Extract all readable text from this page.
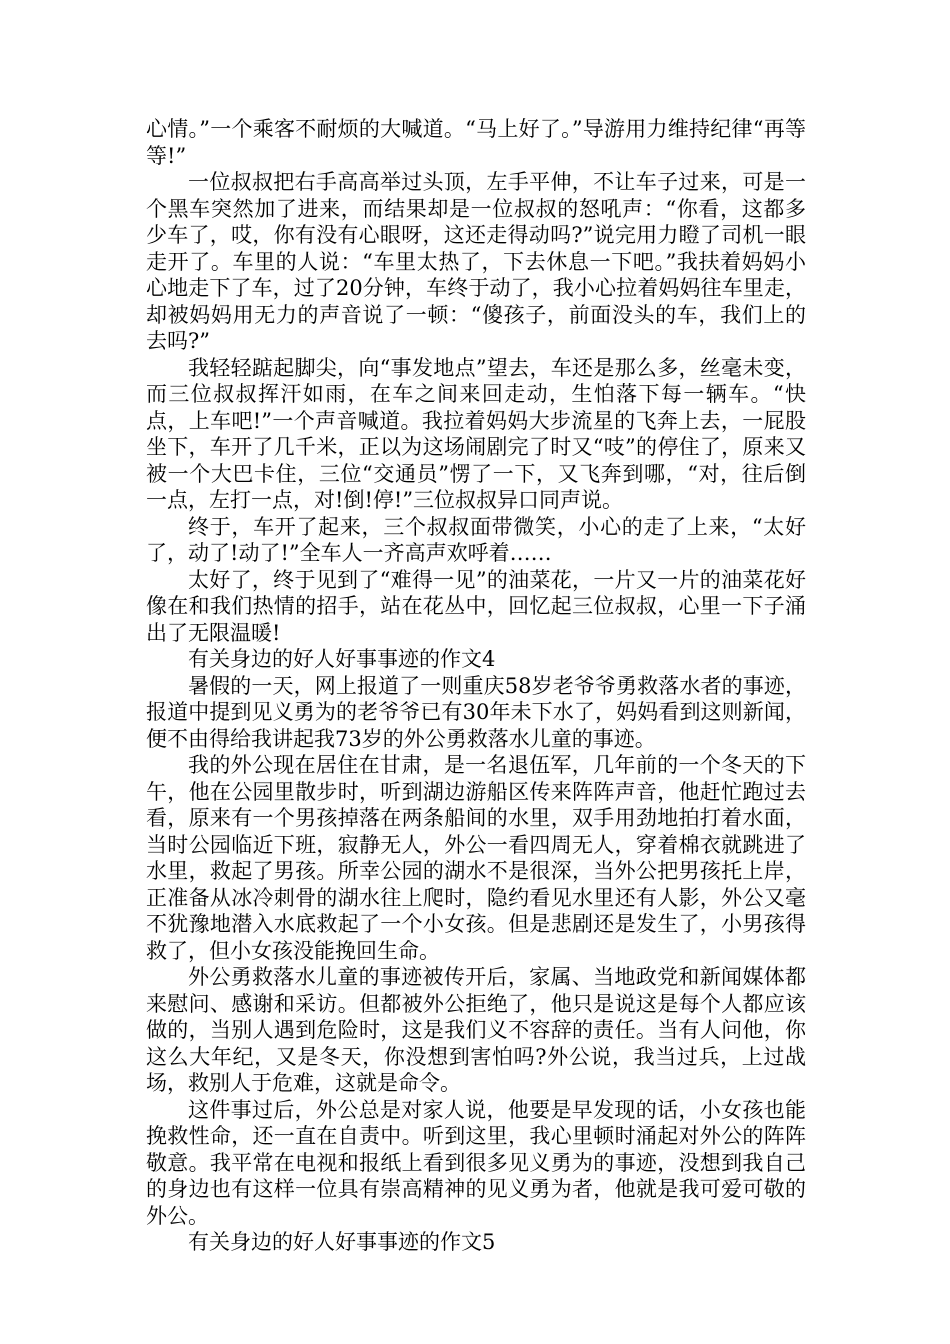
心情。”一个乘客不耐烦的大喊道。“马上好了。”导游用力维持纪律“再等等!”

一位叔叔把右手高高举过头顶，左手平伸，不让车子过来，可是一个黑车突然加了进来，而结果却是一位叔叔的怒吼声：“你看，这都多少车了，哎，你有没有心眼呀，这还走得动吗?”说完用力瞪了司机一眼走开了。车里的人说：“车里太热了，下去休息一下吧。”我扶着妈妈小心地走下了车，过了20分钟，车终于动了，我小心拉着妈妈往车里走，却被妈妈用无力的声音说了一顿：“傻孩子，前面没头的车，我们上的去吗?”

我轻轻踮起脚尖，向“事发地点”望去，车还是那么多，丝毫未变，而三位叔叔挥汗如雨，在车之间来回走动，生怕落下每一辆车。“快点，上车吧!”一个声音喊道。我拉着妈妈大步流星的飞奔上去，一屁股坐下，车开了几千米，正以为这场闹剧完了时又“吱”的停住了，原来又被一个大巴卡住，三位“交通员”愣了一下，又飞奔到哪，“对，往后倒一点，左打一点，对!倒!停!”三位叔叔异口同声说。

终于，车开了起来，三个叔叔面带微笑，小心的走了上来，“太好了，动了!动了!”全车人一齐高声欢呼着……

太好了，终于见到了“难得一见”的油菜花，一片又一片的油菜花好像在和我们热情的招手，站在花丛中，回忆起三位叔叔，心里一下子涌出了无限温暖!

有关身边的好人好事事迹的作文4

暑假的一天，网上报道了一则重庆58岁老爷爷勇救落水者的事迹，报道中提到见义勇为的老爷爷已有30年未下水了，妈妈看到这则新闻，便不由得给我讲起我73岁的外公勇救落水儿童的事迹。

我的外公现在居住在甘肃，是一名退伍军，几年前的一个冬天的下午，他在公园里散步时，听到湖边游船区传来阵阵声音，他赶忙跑过去看，原来有一个男孩掉落在两条船间的水里，双手用劲地拍打着水面，当时公园临近下班，寂静无人，外公一看四周无人，穿着棉衣就跳进了水里，救起了男孩。所幸公园的湖水不是很深，当外公把男孩托上岸，正准备从冰冷刺骨的湖水往上爬时，隐约看见水里还有人影，外公又毫不犹豫地潜入水底救起了一个小女孩。但是悲剧还是发生了，小男孩得救了，但小女孩没能挽回生命。

外公勇救落水儿童的事迹被传开后，家属、当地政党和新闻媒体都来慰问、感谢和采访。但都被外公拒绝了，他只是说这是每个人都应该做的，当别人遇到危险时，这是我们义不容辞的责任。当有人问他，你这么大年纪，又是冬天，你没想到害怕吗?外公说，我当过兵，上过战场，救别人于危难，这就是命令。

这件事过后，外公总是对家人说，他要是早发现的话，小女孩也能挽救性命，还一直在自责中。听到这里，我心里顿时涌起对外公的阵阵敬意。我平常在电视和报纸上看到很多见义勇为的事迹，没想到我自己的身边也有这样一位具有崇高精神的见义勇为者，他就是我可爱可敬的外公。

有关身边的好人好事事迹的作文5
